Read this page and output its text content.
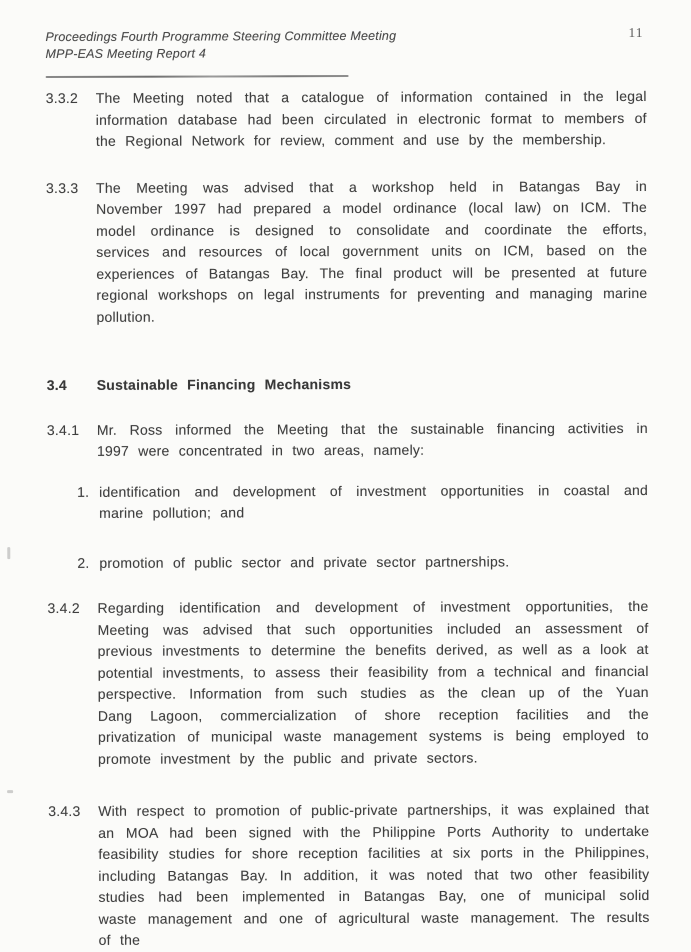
Proceedings Fourth Programme Steering Committee Meeting
MPP-EAS Meeting Report 4
11
3.3.2	The Meeting noted that a catalogue of information contained in the legal information database had been circulated in electronic format to members of the Regional Network for review, comment and use by the membership.
3.3.3	The Meeting was advised that a workshop held in Batangas Bay in November 1997 had prepared a model ordinance (local law) on ICM. The model ordinance is designed to consolidate and coordinate the efforts, services and resources of local government units on ICM, based on the experiences of Batangas Bay. The final product will be presented at future regional workshops on legal instruments for preventing and managing marine pollution.
3.4	Sustainable Financing Mechanisms
3.4.1	Mr. Ross informed the Meeting that the sustainable financing activities in 1997 were concentrated in two areas, namely:
1. identification and development of investment opportunities in coastal and marine pollution; and
2. promotion of public sector and private sector partnerships.
3.4.2	Regarding identification and development of investment opportunities, the Meeting was advised that such opportunities included an assessment of previous investments to determine the benefits derived, as well as a look at potential investments, to assess their feasibility from a technical and financial perspective. Information from such studies as the clean up of the Yuan Dang Lagoon, commercialization of shore reception facilities and the privatization of municipal waste management systems is being employed to promote investment by the public and private sectors.
3.4.3	With respect to promotion of public-private partnerships, it was explained that an MOA had been signed with the Philippine Ports Authority to undertake feasibility studies for shore reception facilities at six ports in the Philippines, including Batangas Bay. In addition, it was noted that two other feasibility studies had been implemented in Batangas Bay, one of municipal solid waste management and one of agricultural waste management. The results of the
